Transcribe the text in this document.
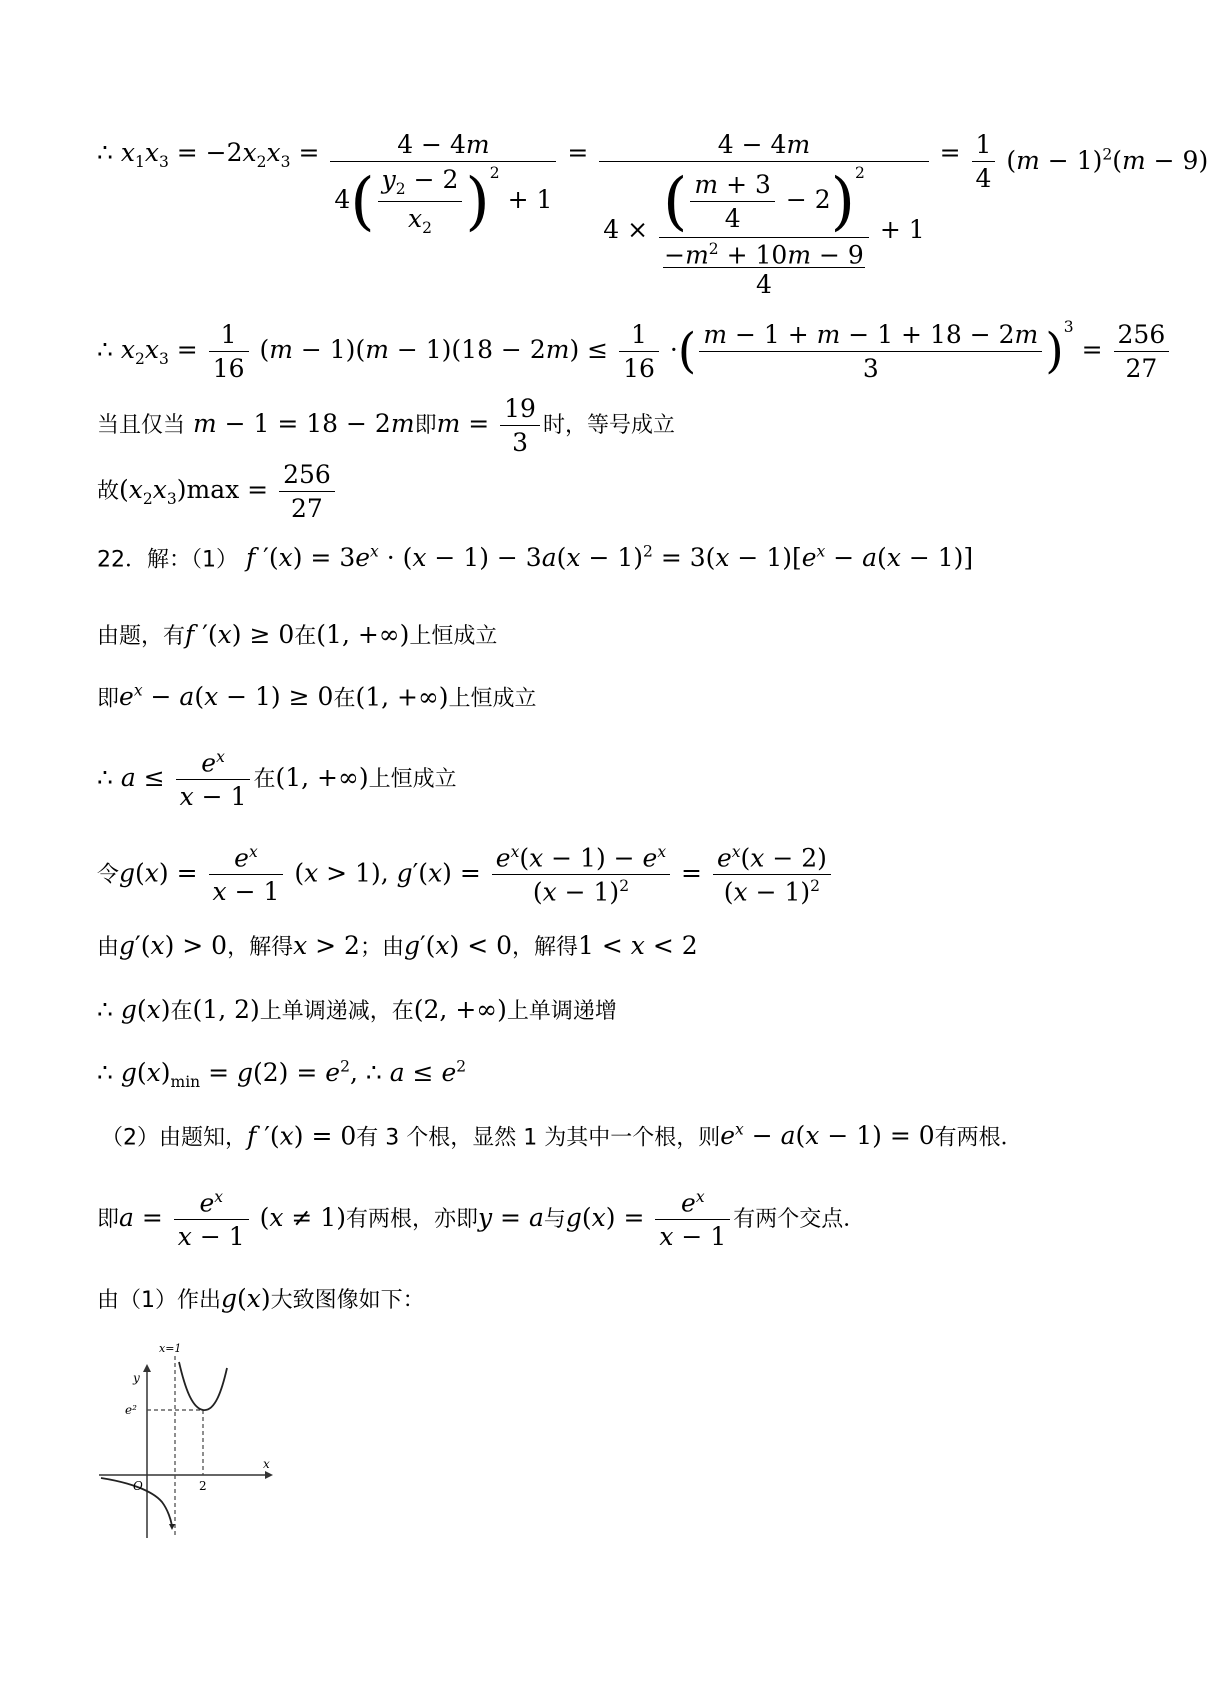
∴ $x_1x_3 = -2x_2x_3 = \frac{4 - 4m}{4( \frac{y_2 - 2}{x_2} )^2 + 1}$ =	4 − 4m
4 × ( $\frac{m + 3}{4} - 2)^2$
$-m^2 + 10m - 9$
4
+ 1
= $\frac{1}{4} (m - 1)^2(m - 9)$
∴ $x_2x_3 = \frac{1}{16} (m - 1)(m - 1)(18 - 2m) \le \frac{1}{16}$ ·( $\frac{m - 1 + m - 1 + 18 - 2m}{3} )^3 = \frac{256}{27}$
当且仅当 m − 1 = 18 − 2m即$m = \frac{19}{3}$ 时，等号成立
故$(x_2x_3)\max = \frac{256}{27}$
22．解：（1） f $'(x) = 3e^x \cdot (x - 1) - 3a(x - 1)^2 = 3(x - 1)[e^x - a(x - 1)]$
由题，有f ′(x) ≥ 0在(1, +∞)上恒成立
即$e^x - a(x - 1) \ge 0$在(1, +∞)上恒成立
∴ $a \le \frac{e^x}{x - 1}$ 在(1, +∞)上恒成立
令$g(x) = \frac{e^x}{x - 1} (x > 1)$, $g'(x) = \frac{e^x(x - 1) - e^x}{(x - 1)^2} = \frac{e^x(x - 2)}{(x - 1)^2}$
由g′(x) > 0，解得x > 2；由g′(x) < 0，解得1 < x < 2
∴ g(x)在(1, 2)上单调递减，在(2, +∞)上单调递增
∴ $g(x)_{min} = g(2) = e^2$, ∴ $a \le e^2$
（2）由题知，f ′(x) = 0有 3 个根，显然 1 为其中一个根，则$e^x - a(x - 1) = 0$有两根．
即$a = \frac{e^x}{x - 1} (x \ne 1)$有两根，亦即y = a与$g(x) = \frac{e^x}{x - 1}$ 有两个交点．
由（1）作出g(x)大致图像如下：
x=1
y
x
O
e²
2
